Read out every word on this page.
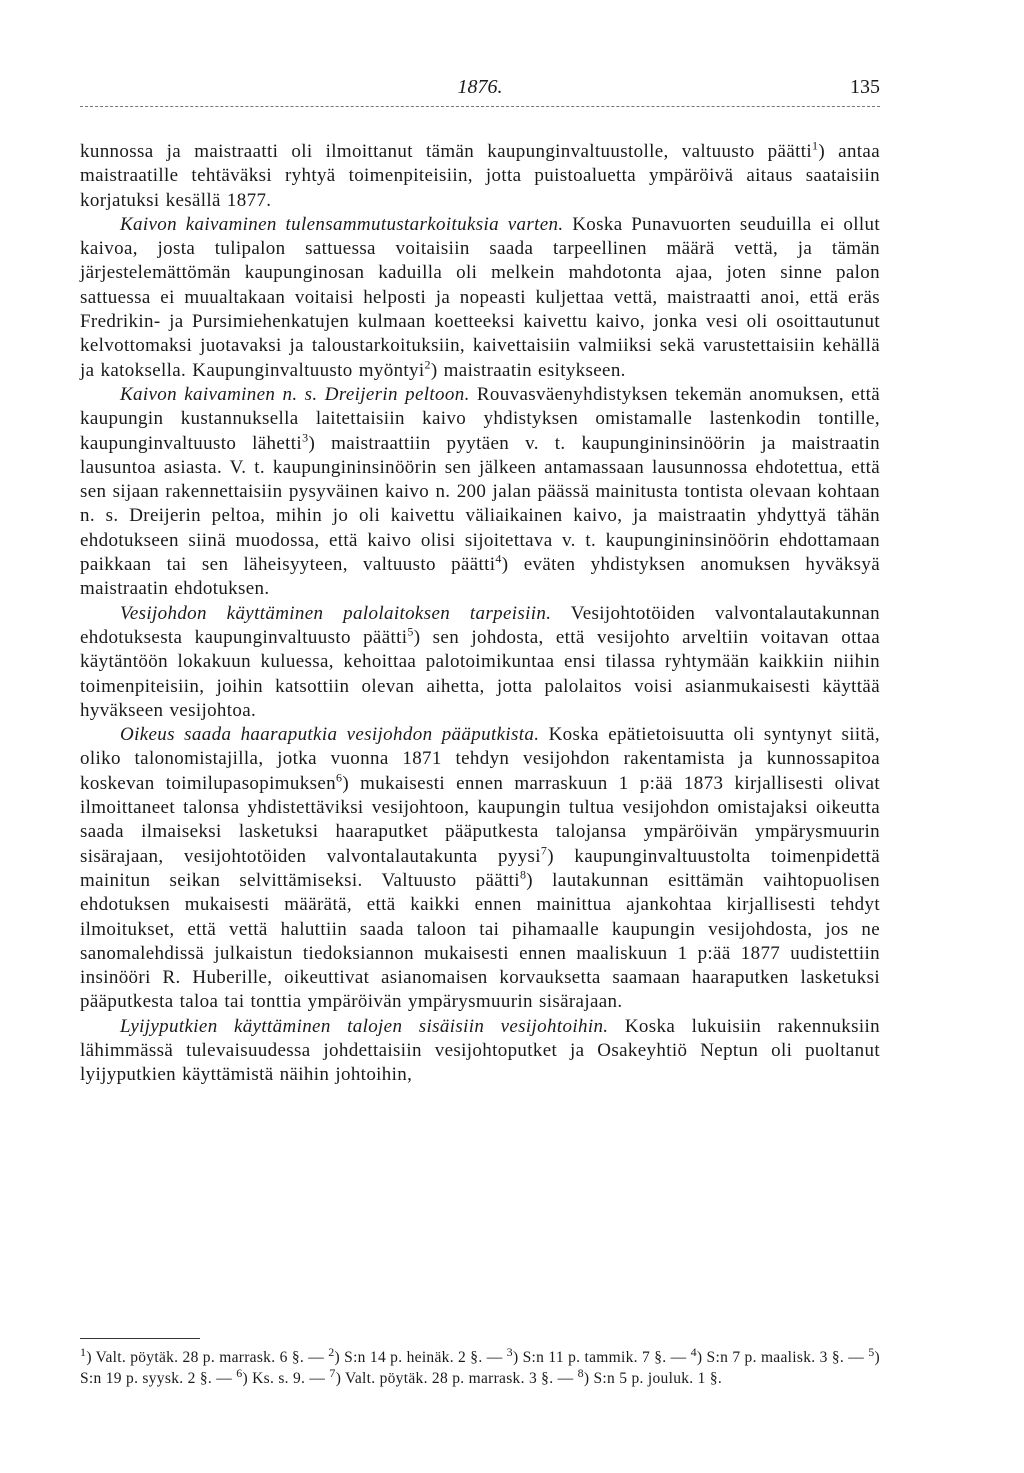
1876.	135

kunnossa ja maistraatti oli ilmoittanut tämän kaupunginvaltuustolle, valtuusto päätti$^1$) antaa maistraatille tehtäväksi ryhtyä toimenpiteisiin, jotta puistoaluetta ympäröivä aitaus saataisiin korjatuksi kesällä 1877.

Kaivon kaivaminen tulensammutustarkoituksia varten. Koska Punavuorten seuduilla ei ollut kaivoa, josta tulipalon sattuessa voitaisiin saada tarpeellinen määrä vettä, ja tämän järjestelemättömän kaupunginosan kaduilla oli melkein mahdotonta ajaa, joten sinne palon sattuessa ei muualtakaan voitaisi helposti ja nopeasti kuljettaa vettä, maistraatti anoi, että eräs Fredrikin- ja Pursimiehenkatujen kulmaan koetteeksi kaivettu kaivo, jonka vesi oli osoittautunut kelvottomaksi juotavaksi ja taloustarkoituksiin, kaivettaisiin valmiiksi sekä varustettaisiin kehällä ja katoksella. Kaupunginvaltuusto myöntyi$^2$) maistraatin esitykseen.

Kaivon kaivaminen n. s. Dreijerin peltoon. Rouvasväenyhdistyksen tekemän anomuksen, että kaupungin kustannuksella laitettaisiin kaivo yhdistyksen omistamalle lastenkodin tontille, kaupunginvaltuusto lähetti$^3$) maistraattiin pyytäen v. t. kaupungininsinöörin ja maistraatin lausuntoa asiasta. V. t. kaupungininsinöörin sen jälkeen antamassaan lausunnossa ehdotettua, että sen sijaan rakennettaisiin pysyväinen kaivo n. 200 jalan päässä mainitusta tontista olevaan kohtaan n. s. Dreijerin peltoa, mihin jo oli kaivettu väliaikainen kaivo, ja maistraatin yhdyttyä tähän ehdotukseen siinä muodossa, että kaivo olisi sijoitettava v. t. kaupungininsinöörin ehdottamaan paikkaan tai sen läheisyyteen, valtuusto päätti$^4$) eväten yhdistyksen anomuksen hyväksyä maistraatin ehdotuksen.

Vesijohdon käyttäminen palolaitoksen tarpeisiin. Vesijohtotöiden valvontalautakunnan ehdotuksesta kaupunginvaltuusto päätti$^5$) sen johdosta, että vesijohto arveltiin voitavan ottaa käytäntöön lokakuun kuluessa, kehoittaa palotoimikuntaa ensi tilassa ryhtymään kaikkiin niihin toimenpiteisiin, joihin katsottiin olevan aihetta, jotta palolaitos voisi asianmukaisesti käyttää hyväkseen vesijohtoa.

Oikeus saada haaraputkia vesijohdon pääputkista. Koska epätietoisuutta oli syntynyt siitä, oliko talonomistajilla, jotka vuonna 1871 tehdyn vesijohdon rakentamista ja kunnossapitoa koskevan toimilupasopimuksen$^6$) mukaisesti ennen marraskuun 1 p:ää 1873 kirjallisesti olivat ilmoittaneet talonsa yhdistettäviksi vesijohtoon, kaupungin tultua vesijohdon omistajaksi oikeutta saada ilmaiseksi lasketuksi haaraputket pääputkesta talojansa ympäröivän ympärysmuurin sisärajaan, vesijohtotöiden valvontalautakunta pyysi$^7$) kaupunginvaltuustolta toimenpidettä mainitun seikan selvittämiseksi. Valtuusto päätti$^8$) lautakunnan esittämän vaihtopuolisen ehdotuksen mukaisesti määrätä, että kaikki ennen mainittua ajankohtaa kirjallisesti tehdyt ilmoitukset, että vettä haluttiin saada taloon tai pihamaalle kaupungin vesijohdosta, jos ne sanomalehdissä julkaistun tiedoksiannon mukaisesti ennen maaliskuun 1 p:ää 1877 uudistettiin insinööri R. Huberille, oikeuttivat asianomaisen korvauksetta saamaan haaraputken lasketuksi pääputkesta taloa tai tonttia ympäröivän ympärysmuurin sisärajaan.

Lyijyputkien käyttäminen talojen sisäisiin vesijohtoihin. Koska lukuisiin rakennuksiin lähimmässä tulevaisuudessa johdettaisiin vesijohtoputket ja Osakeyhtiö Neptun oli puoltanut lyijyputkien käyttämistä näihin johtoihin,

$^1$) Valt. pöytäk. 28 p. marrask. 6 §. — $^2$) S:n 14 p. heinäk. 2 §. — $^3$) S:n 11 p. tammik. 7 §. — $^4$) S:n 7 p. maalisk. 3 §. — $^5$) S:n 19 p. syysk. 2 §. — $^6$) Ks. s. 9. — $^7$) Valt. pöytäk. 28 p. marrask. 3 §. — $^8$) S:n 5 p. jouluk. 1 §.
